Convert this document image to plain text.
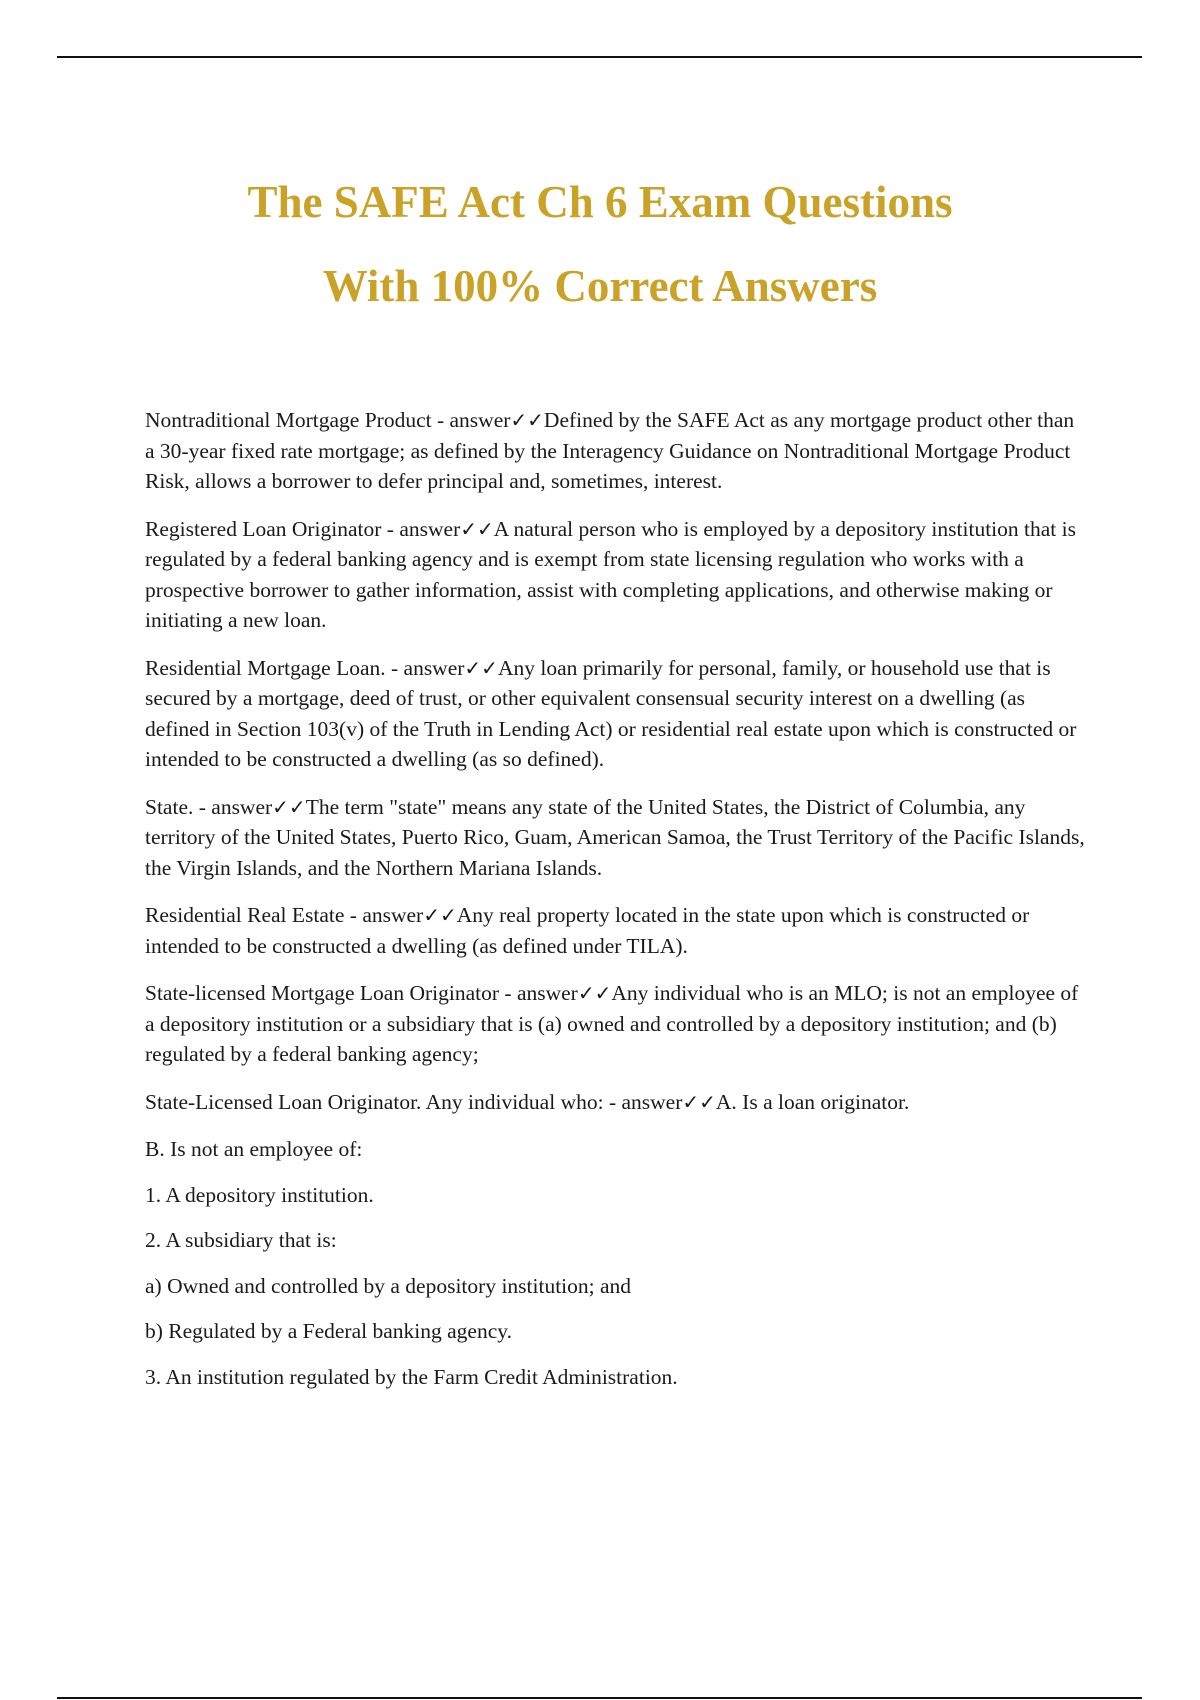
The SAFE Act Ch 6 Exam Questions

With 100% Correct Answers

Nontraditional Mortgage Product - answer✓✓Defined by the SAFE Act as any mortgage product other than a 30-year fixed rate mortgage; as defined by the Interagency Guidance on Nontraditional Mortgage Product Risk, allows a borrower to defer principal and, sometimes, interest.

Registered Loan Originator - answer✓✓A natural person who is employed by a depository institution that is regulated by a federal banking agency and is exempt from state licensing regulation who works with a prospective borrower to gather information, assist with completing applications, and otherwise making or initiating a new loan.

Residential Mortgage Loan. - answer✓✓Any loan primarily for personal, family, or household use that is secured by a mortgage, deed of trust, or other equivalent consensual security interest on a dwelling (as defined in Section 103(v) of the Truth in Lending Act) or residential real estate upon which is constructed or intended to be constructed a dwelling (as so defined).

State. - answer✓✓The term "state" means any state of the United States, the District of Columbia, any territory of the United States, Puerto Rico, Guam, American Samoa, the Trust Territory of the Pacific Islands, the Virgin Islands, and the Northern Mariana Islands.

Residential Real Estate - answer✓✓Any real property located in the state upon which is constructed or intended to be constructed a dwelling (as defined under TILA).

State-licensed Mortgage Loan Originator - answer✓✓Any individual who is an MLO; is not an employee of a depository institution or a subsidiary that is (a) owned and controlled by a depository institution; and (b) regulated by a federal banking agency;

State-Licensed Loan Originator. Any individual who: - answer✓✓A. Is a loan originator.

B. Is not an employee of:

1. A depository institution.

2. A subsidiary that is:

a) Owned and controlled by a depository institution; and

b) Regulated by a Federal banking agency.

3. An institution regulated by the Farm Credit Administration.
